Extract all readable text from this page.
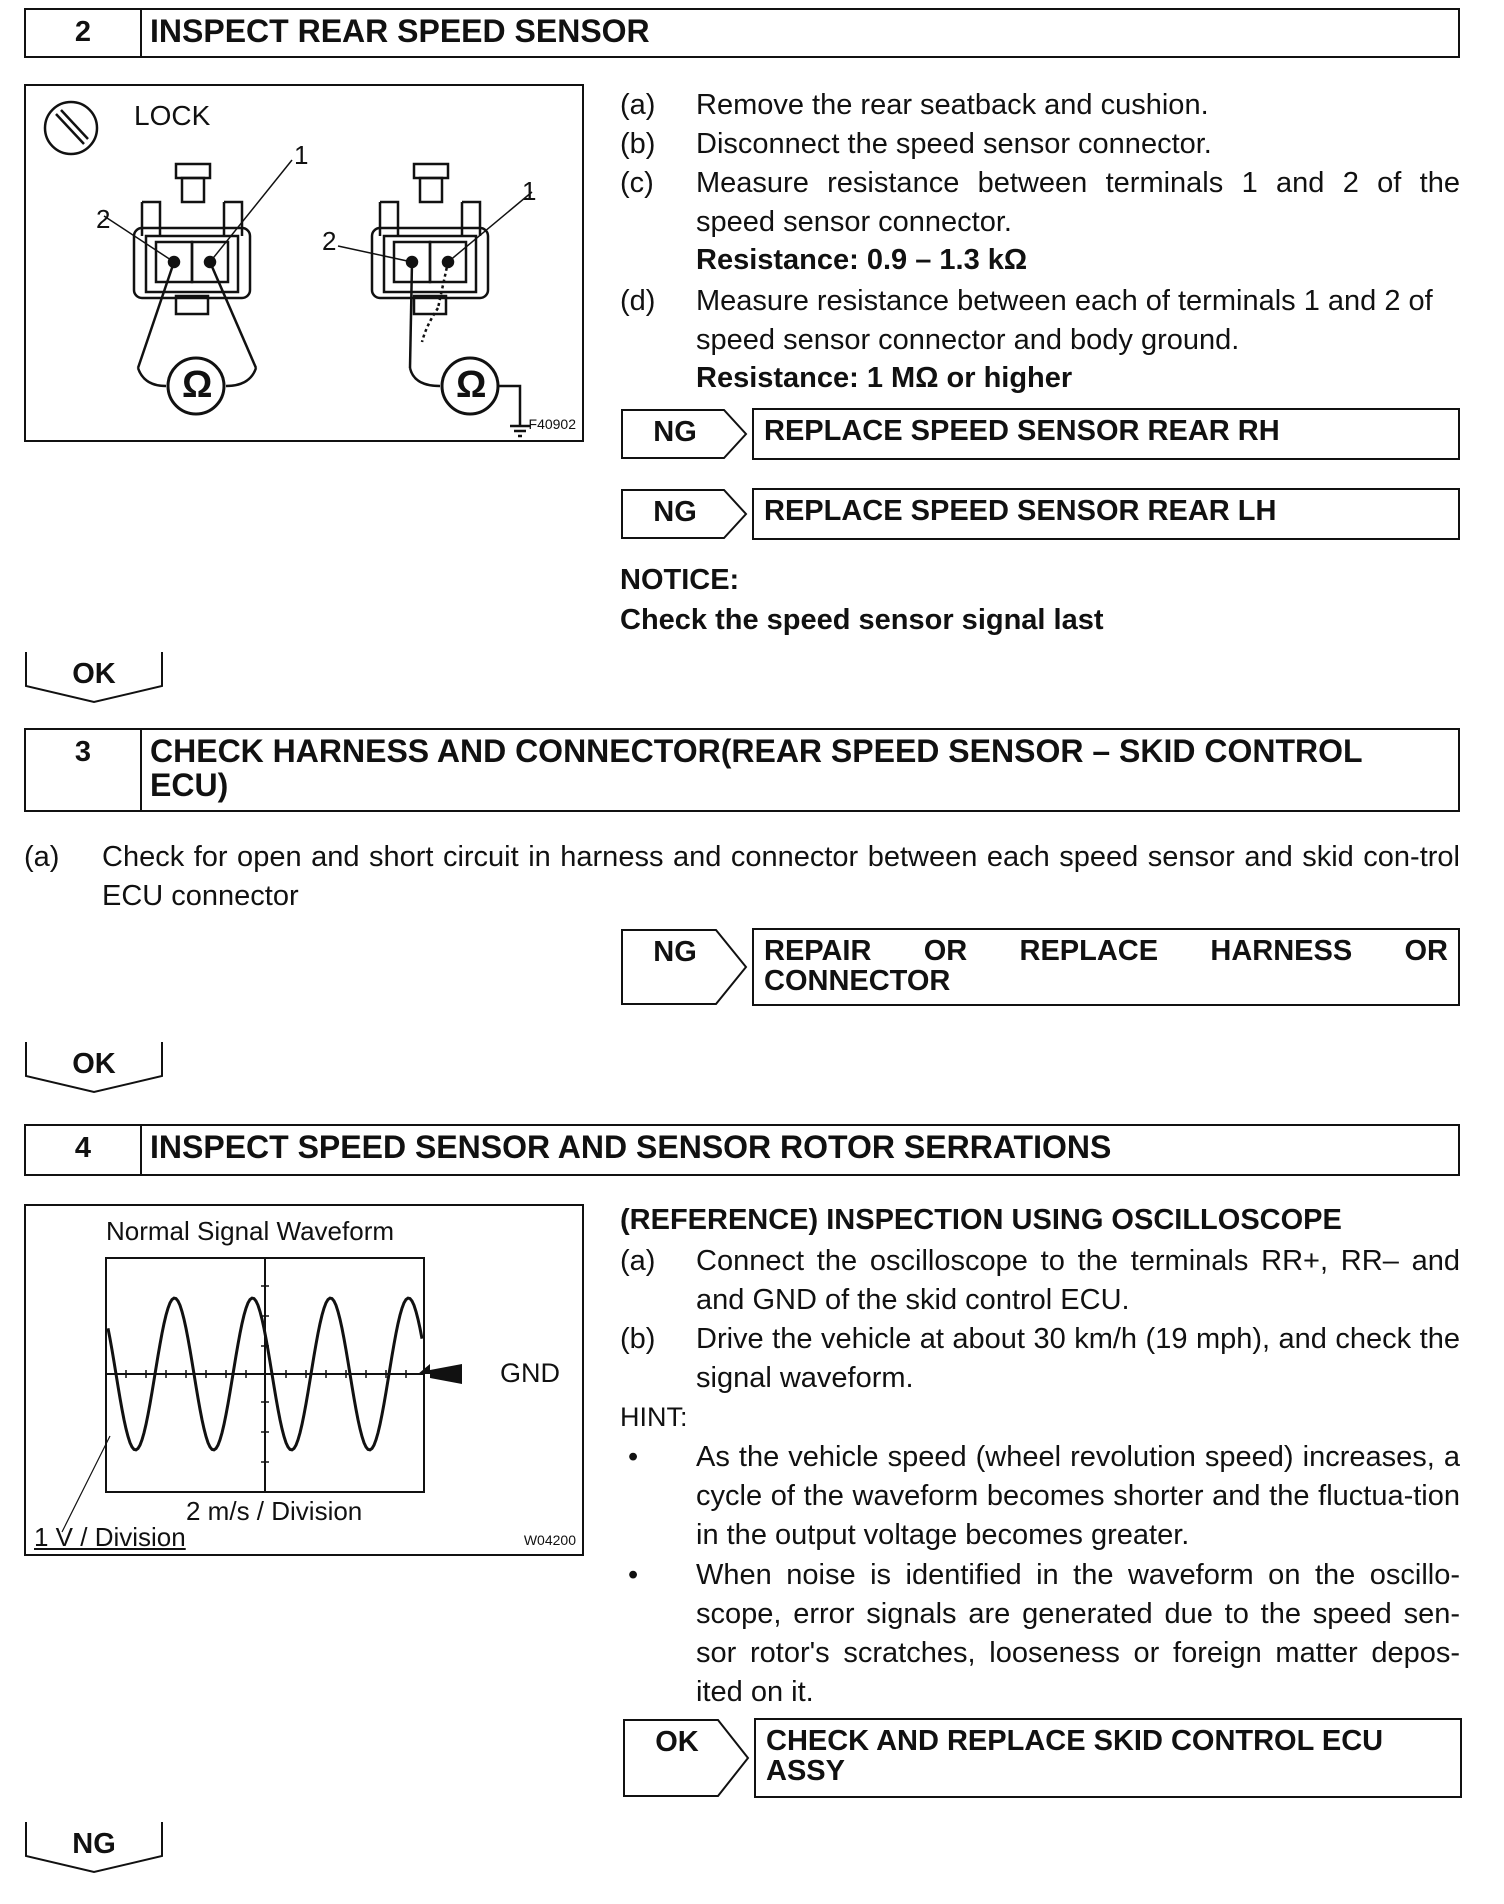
2	INSPECT REAR SPEED SENSOR
LOCK
2
1
Ω
2
1
Ω
F40902
(a) Remove the rear seatback and cushion.
(b) Disconnect the speed sensor connector.
(c) Measure resistance between terminals 1 and 2 of the speed sensor connector.
Resistance: 0.9 – 1.3 kΩ
(d) Measure resistance between each of terminals 1 and 2 of speed sensor connector and body ground.
Resistance: 1 MΩ or higher
NG	REPLACE SPEED SENSOR REAR RH
NG	REPLACE SPEED SENSOR REAR LH
NOTICE:
Check the speed sensor signal last
OK
3	CHECK HARNESS AND CONNECTOR(REAR SPEED SENSOR – SKID CONTROL ECU)
(a) Check for open and short circuit in harness and connector between each speed sensor and skid con-trol ECU connector
NG	REPAIR OR REPLACE HARNESS OR CONNECTOR
OK
4	INSPECT SPEED SENSOR AND SENSOR ROTOR SERRATIONS
Normal Signal Waveform
GND
2 m/s / Division
1 V / Division	W04200
(REFERENCE) INSPECTION USING OSCILLOSCOPE
(a) Connect the oscilloscope to the terminals RR+, RR– and and GND of the skid control ECU.
(b) Drive the vehicle at about 30 km/h (19 mph), and check the signal waveform.
HINT:
• As the vehicle speed (wheel revolution speed) increases, a cycle of the waveform becomes shorter and the fluctua-tion in the output voltage becomes greater.
• When noise is identified in the waveform on the oscillo-scope, error signals are generated due to the speed sen-sor rotor's scratches, looseness or foreign matter depos-ited on it.
OK	CHECK AND REPLACE SKID CONTROL ECU ASSY
NG
